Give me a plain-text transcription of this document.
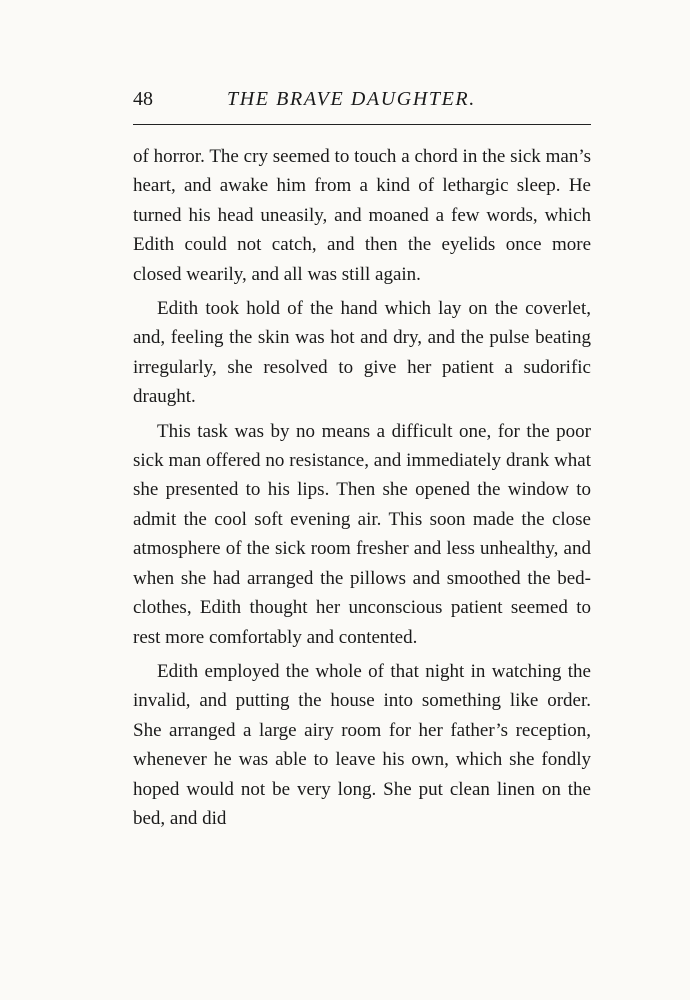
48	THE BRAVE DAUGHTER.

of horror. The cry seemed to touch a chord in the sick man’s heart, and awake him from a kind of lethargic sleep. He turned his head uneasily, and moaned a few words, which Edith could not catch, and then the eyelids once more closed wearily, and all was still again.

Edith took hold of the hand which lay on the coverlet, and, feeling the skin was hot and dry, and the pulse beating irregularly, she resolved to give her patient a sudorific draught.

This task was by no means a difficult one, for the poor sick man offered no resistance, and immediately drank what she presented to his lips. Then she opened the window to admit the cool soft evening air. This soon made the close atmosphere of the sick room fresher and less unhealthy, and when she had arranged the pillows and smoothed the bedclothes, Edith thought her unconscious patient seemed to rest more comfortably and contented.

Edith employed the whole of that night in watching the invalid, and putting the house into something like order. She arranged a large airy room for her father’s reception, whenever he was able to leave his own, which she fondly hoped would not be very long. She put clean linen on the bed, and did
